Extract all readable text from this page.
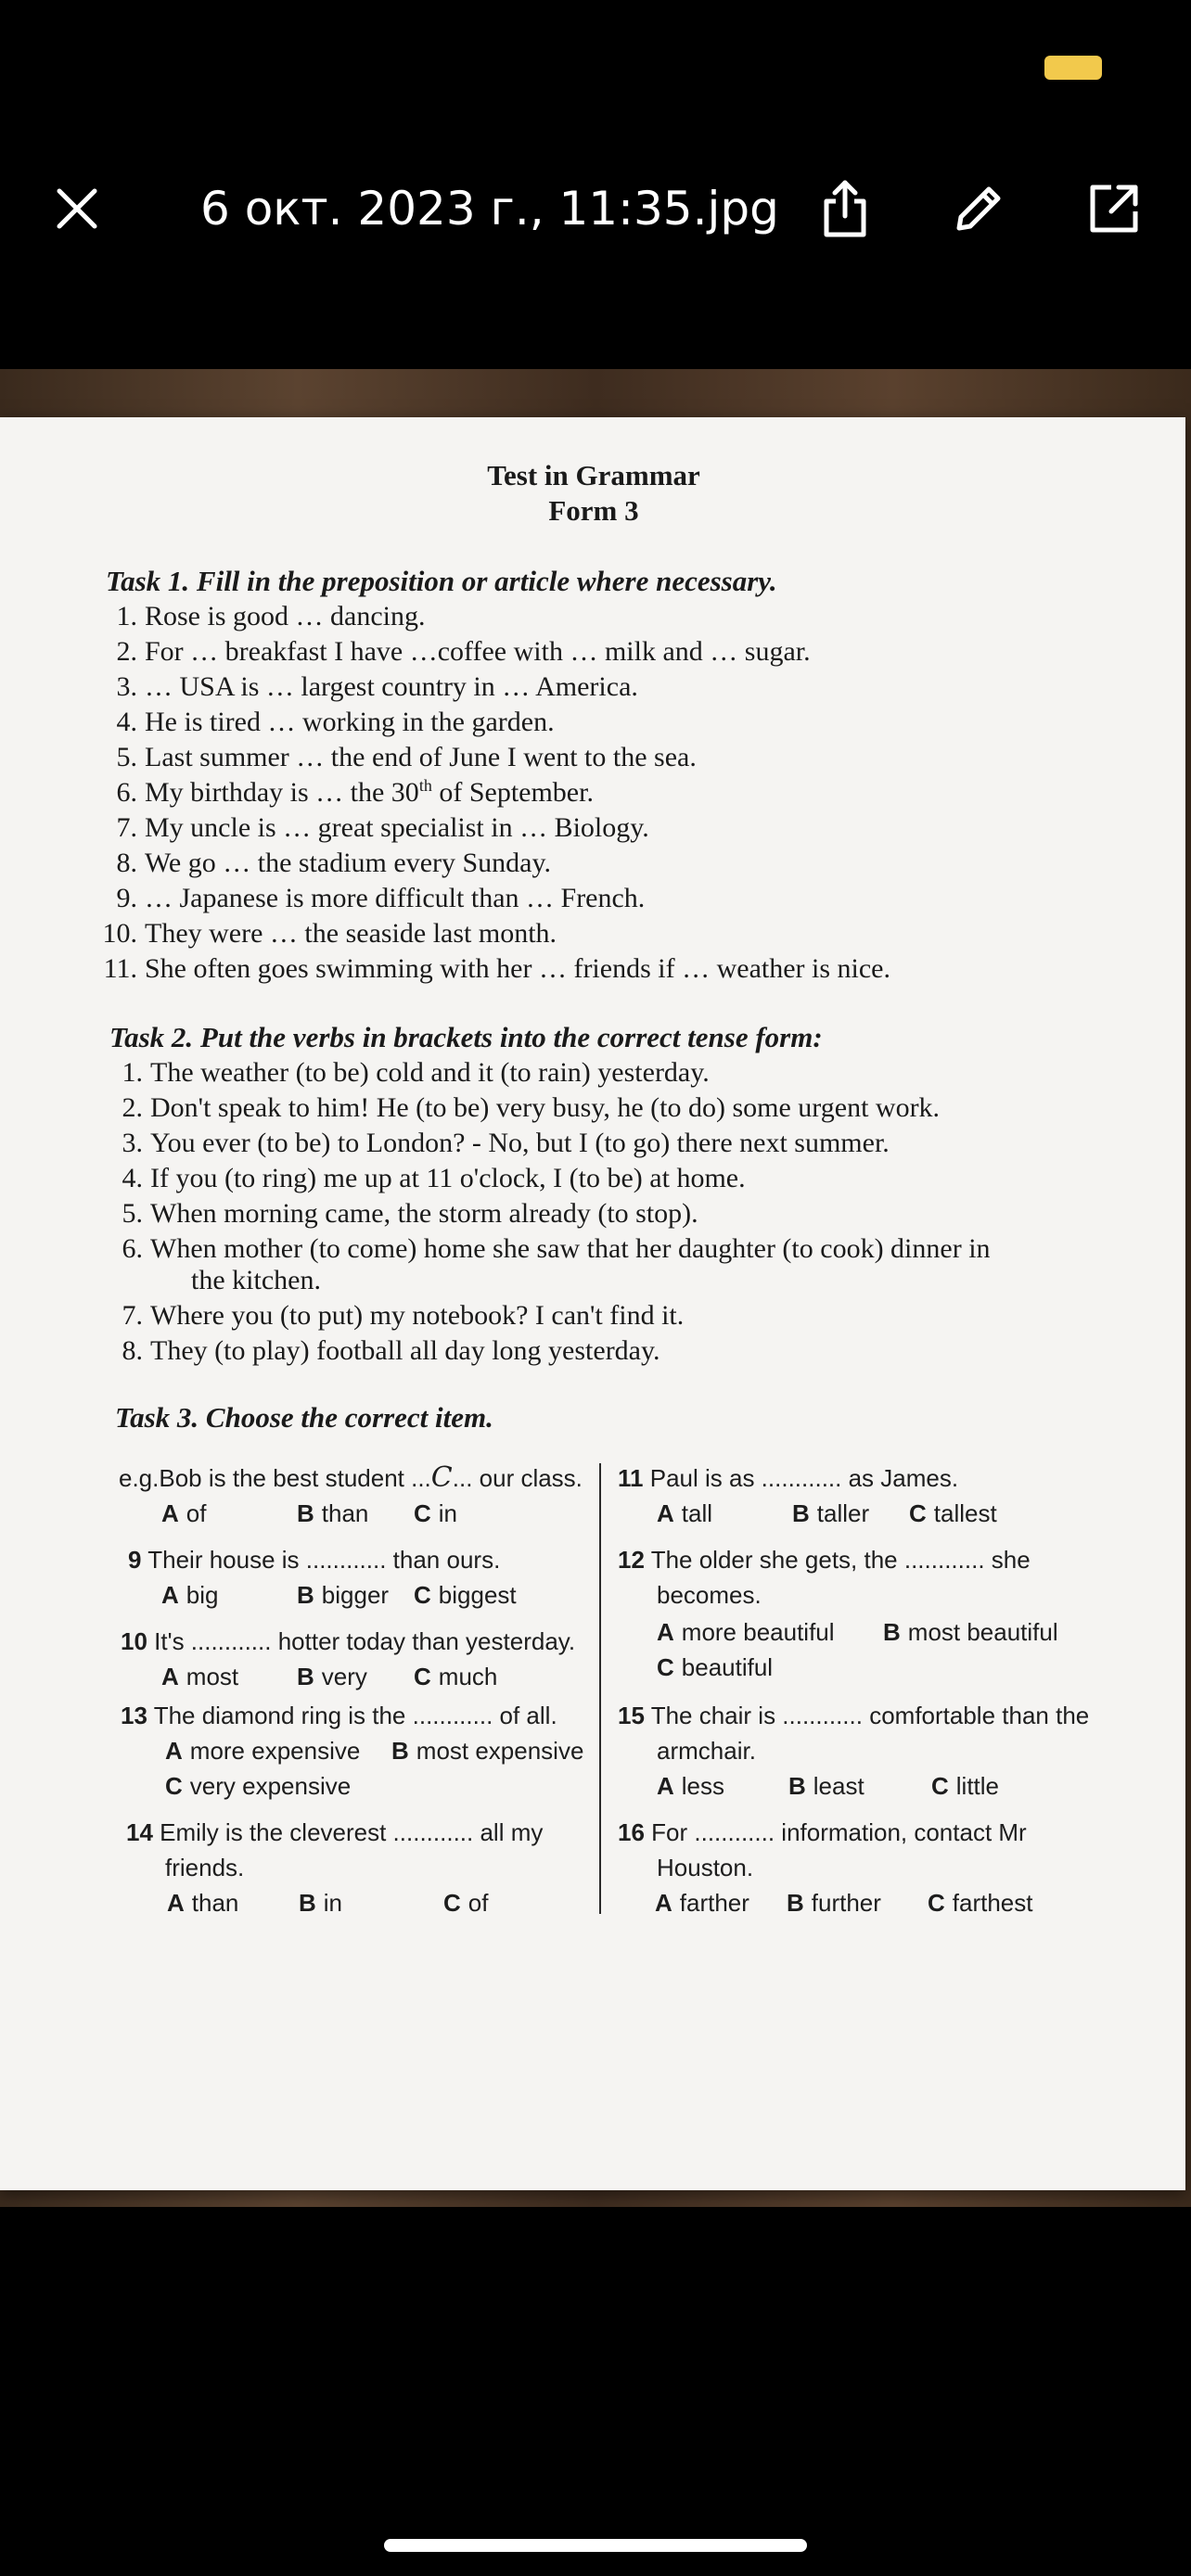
6 окт. 2023 г., 11:35.jpg
Test in Grammar
Form 3
Task 1. Fill in the preposition or article where necessary.
1. Rose is good … dancing.
2. For … breakfast I have …coffee with … milk and … sugar.
3. … USA is … largest country in … America.
4. He is tired … working in the garden.
5. Last summer … the end of June I went to the sea.
6. My birthday is … the 30th of September.
7. My uncle is … great specialist in … Biology.
8. We go … the stadium every Sunday.
9. … Japanese is more difficult than … French.
10. They were … the seaside last month.
11. She often goes swimming with her … friends if … weather is nice.
Task 2. Put the verbs in brackets into the correct tense form:
1. The weather (to be) cold and it (to rain) yesterday.
2. Don't speak to him! He (to be) very busy, he (to do) some urgent work.
3. You ever (to be) to London? - No, but I (to go) there next summer.
4. If you (to ring) me up at 11 o'clock, I (to be) at home.
5. When morning came, the storm already (to stop).
6. When mother (to come) home she saw that her daughter (to cook) dinner in
the kitchen.
7. Where you (to put) my notebook? I can't find it.
8. They (to play) football all day long yesterday.
Task 3. Choose the correct item.
e.g.Bob is the best student ...C... our class.
A of	B than C in
9 Their house is ............ than ours.
A big	B bigger C biggest
10 It's ............ hotter today than yesterday.
A most B very C much
13 The diamond ring is the ............ of all.
A more expensive B most expensive
C very expensive
14 Emily is the cleverest ............ all my
friends.
A than B in	C of
11 Paul is as ............ as James.
A tall	B taller C tallest
12 The older she gets, the ............ she
becomes.
A more beautiful B most beautiful
C beautiful
15 The chair is ............ comfortable than the
armchair.
A less	B least	C little
16 For ............ information, contact Mr
Houston.
A farther B further C farthest
